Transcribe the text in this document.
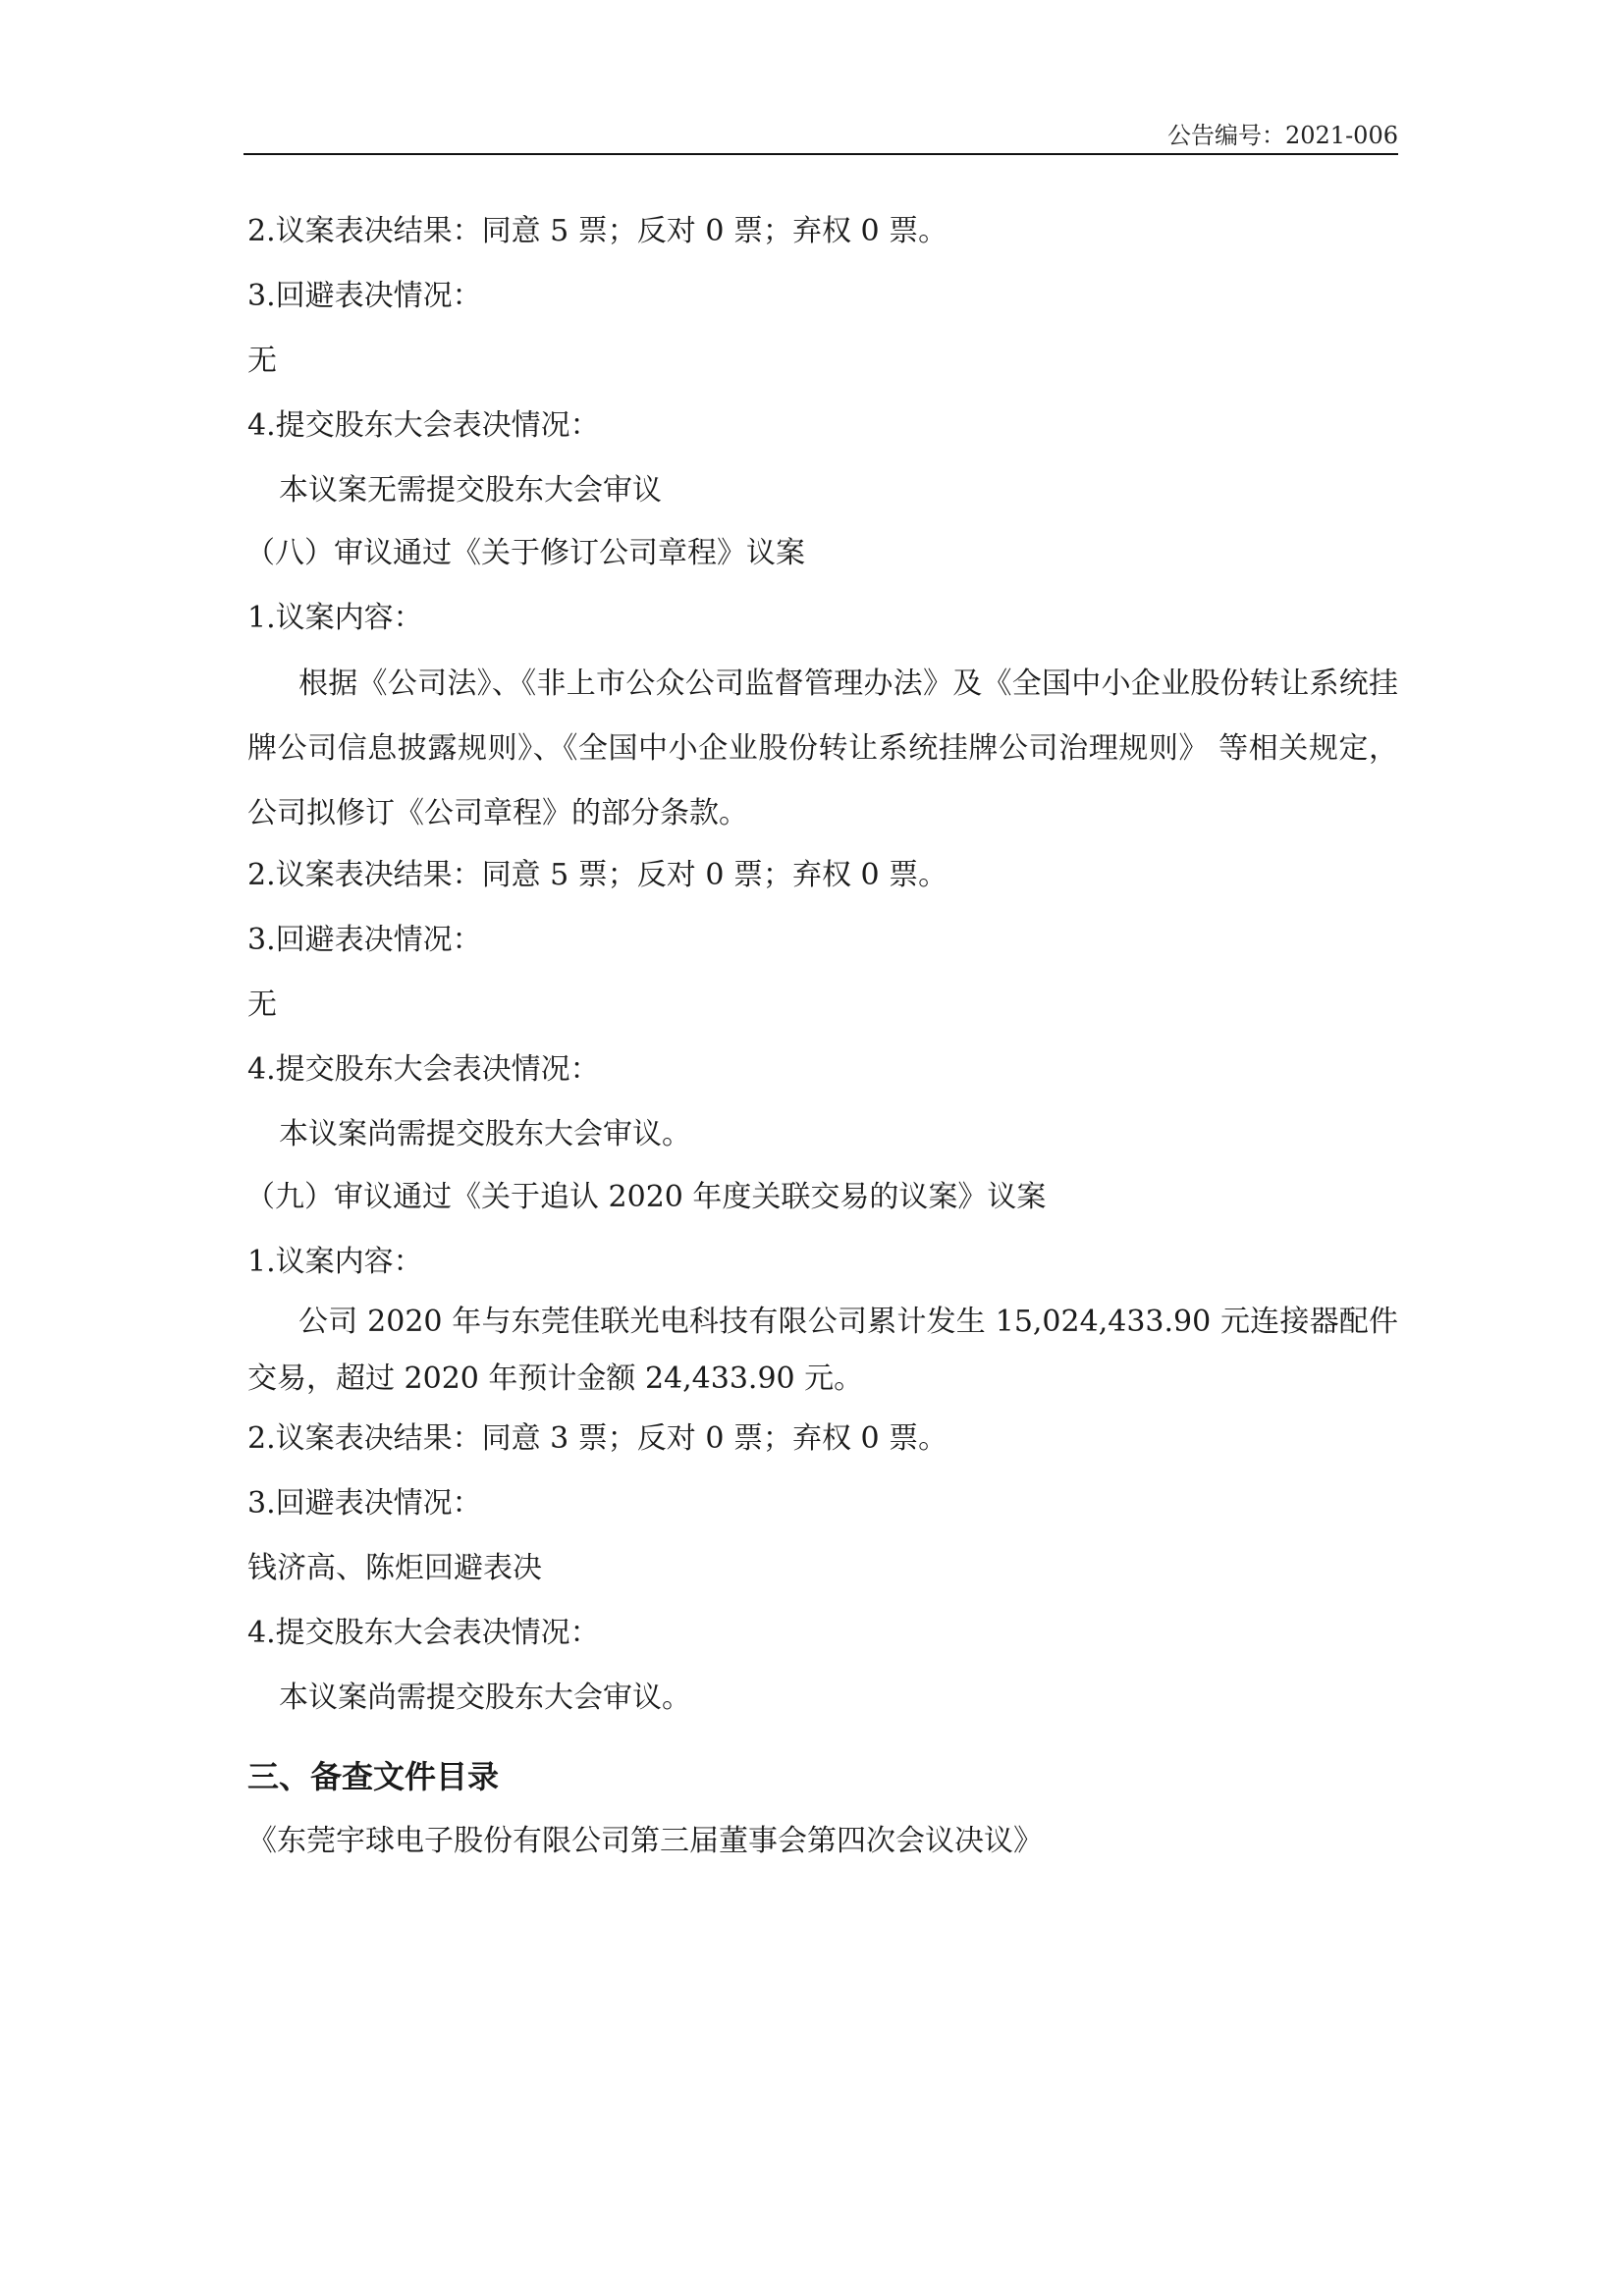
公告编号：2021-006
2.议案表决结果：同意 5 票；反对 0 票；弃权 0 票。
3.回避表决情况：
无
4.提交股东大会表决情况：
本议案无需提交股东大会审议
（八）审议通过《关于修订公司章程》议案
1.议案内容：
根据《公司法》、《非上市公众公司监督管理办法》及《全国中小企业股份转让系统挂牌公司信息披露规则》、《全国中小企业股份转让系统挂牌公司治理规则》 等相关规定，公司拟修订《公司章程》的部分条款。
2.议案表决结果：同意 5 票；反对 0 票；弃权 0 票。
3.回避表决情况：
无
4.提交股东大会表决情况：
本议案尚需提交股东大会审议。
（九）审议通过《关于追认 2020 年度关联交易的议案》议案
1.议案内容：
公司 2020 年与东莞佳联光电科技有限公司累计发生 15,024,433.90 元连接器配件交易，超过 2020 年预计金额 24,433.90 元。
2.议案表决结果：同意 3 票；反对 0 票；弃权 0 票。
3.回避表决情况：
钱济高、陈炬回避表决
4.提交股东大会表决情况：
本议案尚需提交股东大会审议。
三、备查文件目录
《东莞宇球电子股份有限公司第三届董事会第四次会议决议》
